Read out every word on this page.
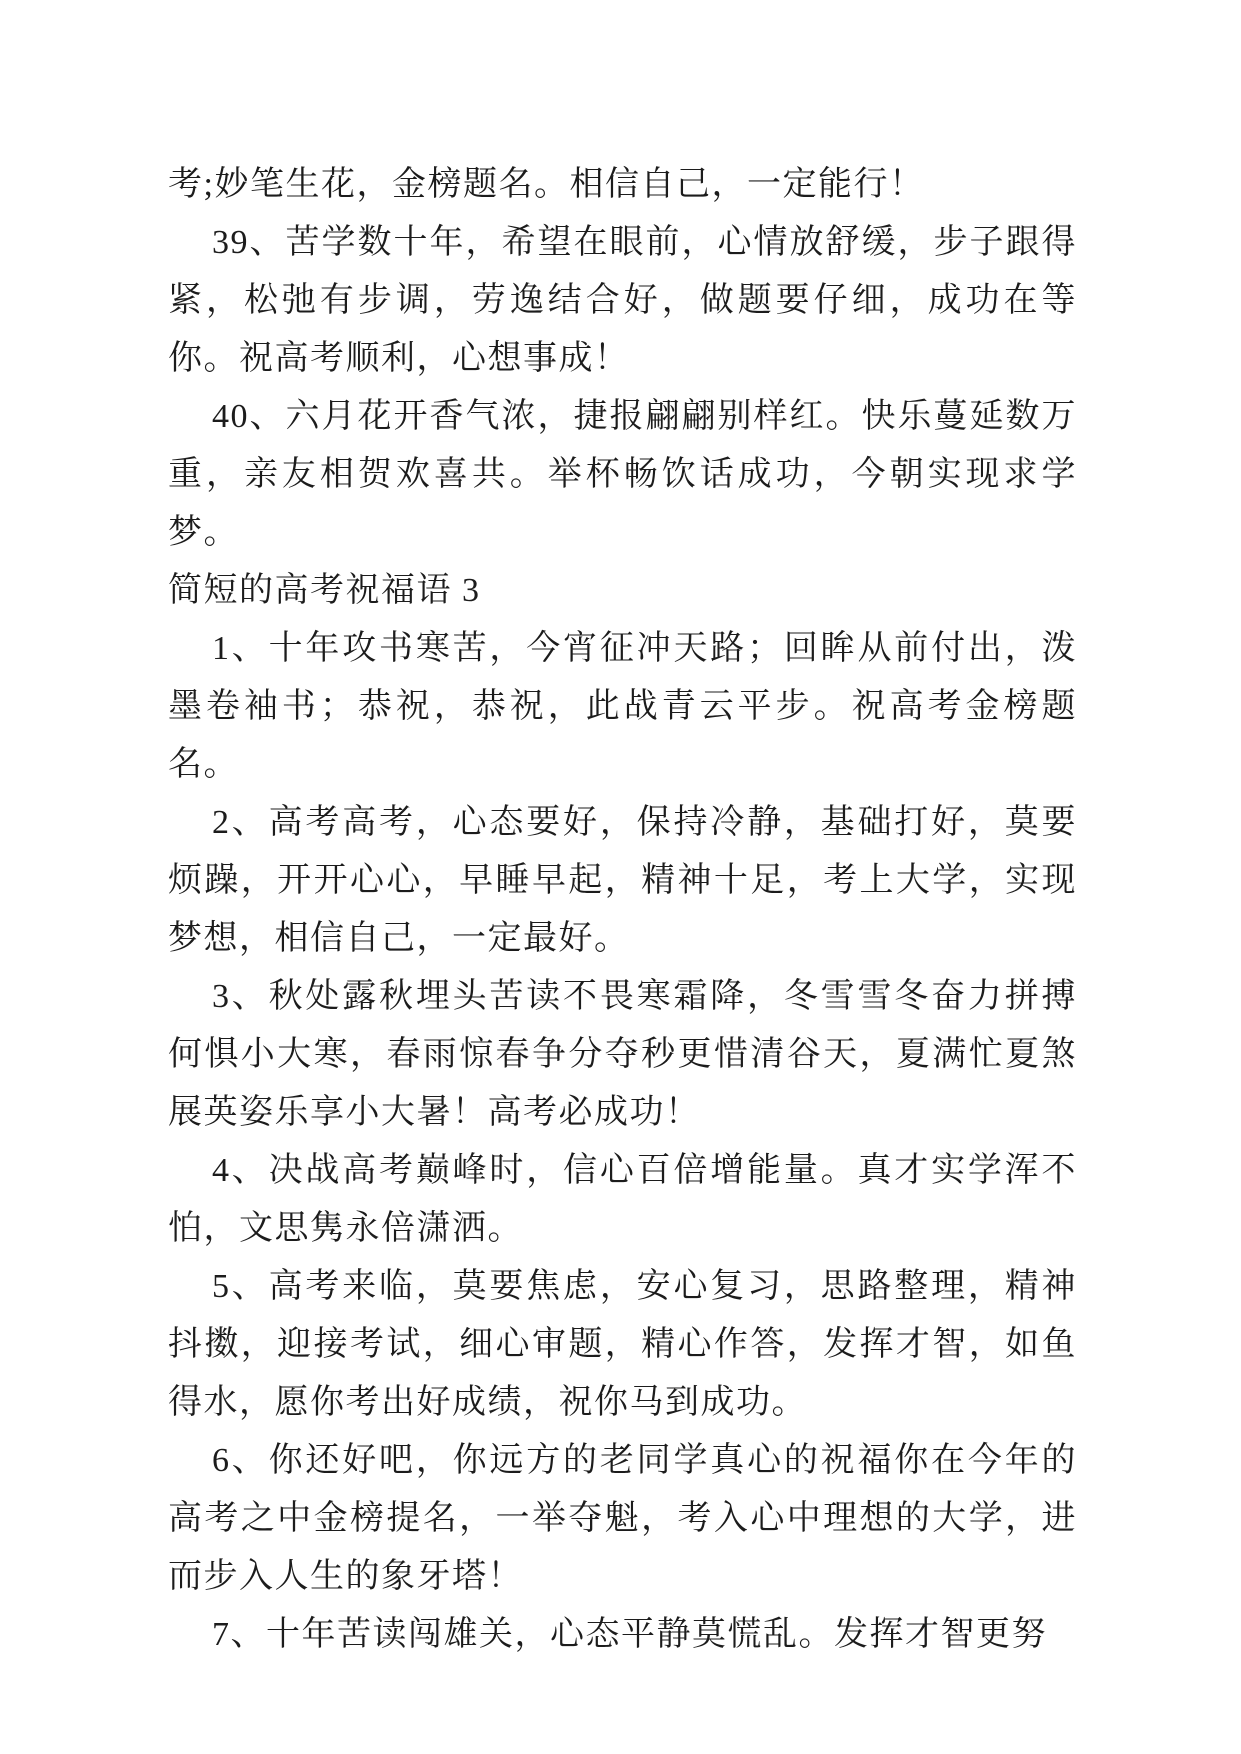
考;妙笔生花，金榜题名。相信自己，一定能行！

39、苦学数十年，希望在眼前，心情放舒缓，步子跟得紧，松弛有步调，劳逸结合好，做题要仔细，成功在等你。祝高考顺利，心想事成！

40、六月花开香气浓，捷报翩翩别样红。快乐蔓延数万重，亲友相贺欢喜共。举杯畅饮话成功，今朝实现求学梦。

简短的高考祝福语 3

1、十年攻书寒苦，今宵征冲天路；回眸从前付出，泼墨卷袖书；恭祝，恭祝，此战青云平步。祝高考金榜题名。

2、高考高考，心态要好，保持冷静，基础打好，莫要烦躁，开开心心，早睡早起，精神十足，考上大学，实现梦想，相信自己，一定最好。

3、秋处露秋埋头苦读不畏寒霜降，冬雪雪冬奋力拼搏何惧小大寒，春雨惊春争分夺秒更惜清谷天，夏满忙夏煞展英姿乐享小大暑！高考必成功！

4、决战高考巅峰时，信心百倍增能量。真才实学浑不怕，文思隽永倍潇洒。

5、高考来临，莫要焦虑，安心复习，思路整理，精神抖擞，迎接考试，细心审题，精心作答，发挥才智，如鱼得水，愿你考出好成绩，祝你马到成功。

6、你还好吧，你远方的老同学真心的祝福你在今年的高考之中金榜提名，一举夺魁，考入心中理想的大学，进而步入人生的象牙塔！

7、十年苦读闯雄关，心态平静莫慌乱。发挥才智更努
